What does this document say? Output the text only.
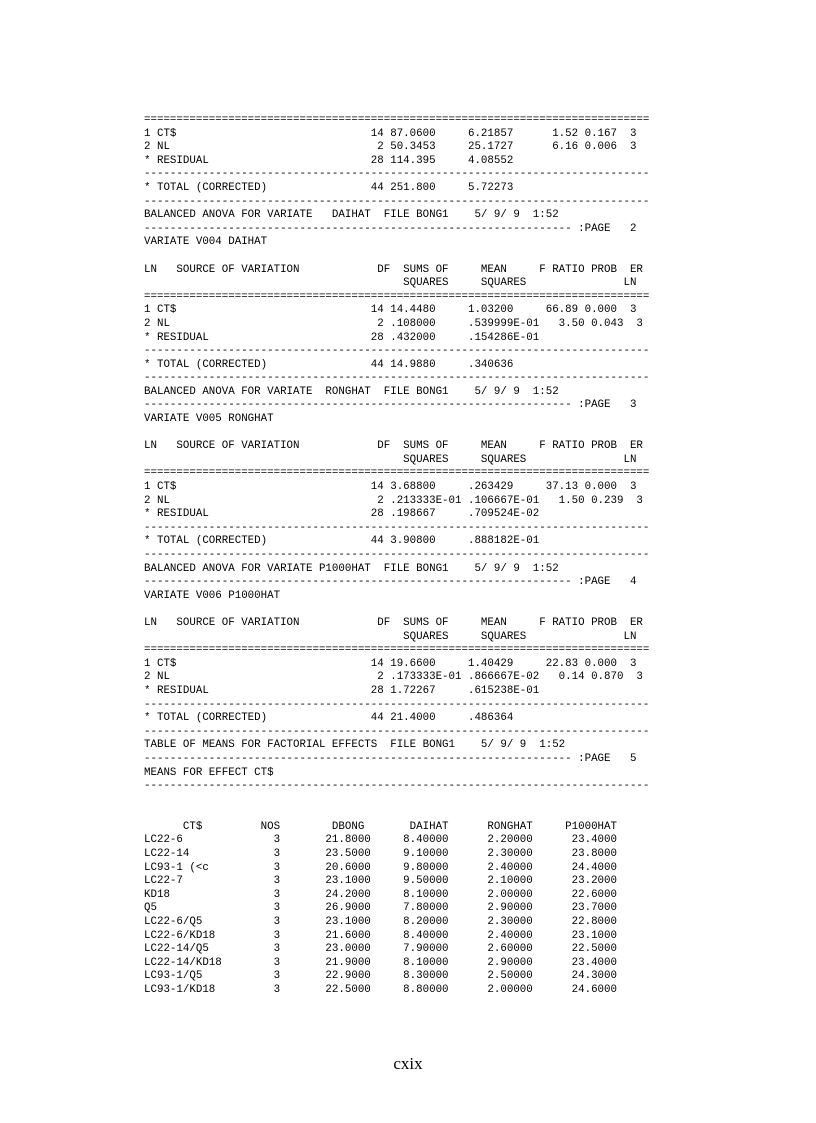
==============================================================================
1 CT$                              14 87.0600     6.21857      1.52 0.167  3
2 NL                                2 50.3453     25.1727      6.16 0.006  3
* RESIDUAL                         28 114.395     4.08552
------------------------------------------------------------------------------
* TOTAL (CORRECTED)                44 251.800     5.72273
------------------------------------------------------------------------------
BALANCED ANOVA FOR VARIATE   DAIHAT  FILE BONG1    5/ 9/ 9  1:52
------------------------------------------------------------------ :PAGE   2
VARIATE V004 DAIHAT
LN   SOURCE OF VARIATION            DF  SUMS OF     MEAN     F RATIO PROB  ER
SQUARES     SQUARES               LN
==============================================================================
1 CT$                              14 14.4480     1.03200     66.89 0.000  3
2 NL                                2 .108000     .539999E-01   3.50 0.043  3
* RESIDUAL                         28 .432000     .154286E-01
------------------------------------------------------------------------------
* TOTAL (CORRECTED)                44 14.9880     .340636
------------------------------------------------------------------------------
BALANCED ANOVA FOR VARIATE  RONGHAT  FILE BONG1    5/ 9/ 9  1:52
------------------------------------------------------------------ :PAGE   3
VARIATE V005 RONGHAT
LN   SOURCE OF VARIATION            DF  SUMS OF     MEAN     F RATIO PROB  ER
SQUARES     SQUARES               LN
==============================================================================
1 CT$                              14 3.68800     .263429     37.13 0.000  3
2 NL                                2 .213333E-01 .106667E-01   1.50 0.239  3
* RESIDUAL                         28 .198667     .709524E-02
------------------------------------------------------------------------------
* TOTAL (CORRECTED)                44 3.90800     .888182E-01
------------------------------------------------------------------------------
BALANCED ANOVA FOR VARIATE P1000HAT  FILE BONG1    5/ 9/ 9  1:52
------------------------------------------------------------------ :PAGE   4
VARIATE V006 P1000HAT
LN   SOURCE OF VARIATION            DF  SUMS OF     MEAN     F RATIO PROB  ER
SQUARES     SQUARES               LN
==============================================================================
1 CT$                              14 19.6600     1.40429     22.83 0.000  3
2 NL                                2 .173333E-01 .866667E-02   0.14 0.870  3
* RESIDUAL                         28 1.72267     .615238E-01
------------------------------------------------------------------------------
* TOTAL (CORRECTED)                44 21.4000     .486364
------------------------------------------------------------------------------
TABLE OF MEANS FOR FACTORIAL EFFECTS  FILE BONG1    5/ 9/ 9  1:52
------------------------------------------------------------------ :PAGE   5
MEANS FOR EFFECT CT$
------------------------------------------------------------------------------
CT$         NOS        DBONG       DAIHAT      RONGHAT     P1000HAT
LC22-6              3       21.8000     8.40000      2.20000      23.4000
LC22-14             3       23.5000     9.10000      2.30000      23.8000
LC93-1 (<c          3       20.6000     9.80000      2.40000      24.4000
LC22-7              3       23.1000     9.50000      2.10000      23.2000
KD18                3       24.2000     8.10000      2.00000      22.6000
Q5                  3       26.9000     7.80000      2.90000      23.7000
LC22-6/Q5           3       23.1000     8.20000      2.30000      22.8000
LC22-6/KD18         3       21.6000     8.40000      2.40000      23.1000
LC22-14/Q5          3       23.0000     7.90000      2.60000      22.5000
LC22-14/KD18        3       21.9000     8.10000      2.90000      23.4000
LC93-1/Q5           3       22.9000     8.30000      2.50000      24.3000
LC93-1/KD18         3       22.5000     8.80000      2.00000      24.6000
cxix
